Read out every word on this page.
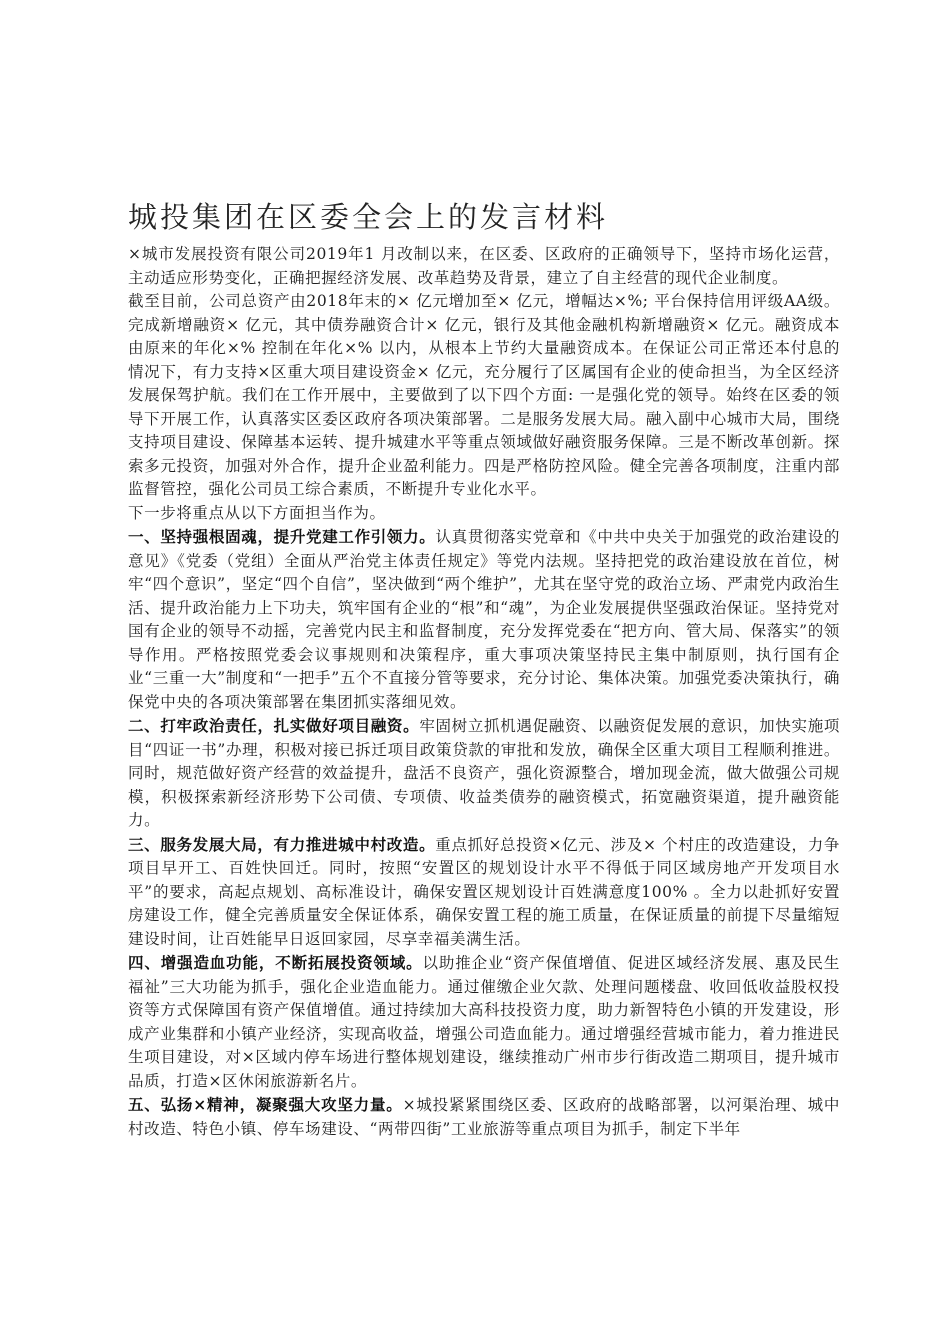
城投集团在区委全会上的发言材料

×城市发展投资有限公司2019年1 月改制以来，在区委、区政府的正确领导下，坚持市场化运营，主动适应形势变化，正确把握经济发展、改革趋势及背景，建立了自主经营的现代企业制度。

截至目前，公司总资产由2018年末的× 亿元增加至× 亿元，增幅达×%; 平台保持信用评级AA级。完成新增融资× 亿元，其中债券融资合计× 亿元，银行及其他金融机构新增融资× 亿元。融资成本由原来的年化×% 控制在年化×% 以内，从根本上节约大量融资成本。在保证公司正常还本付息的情况下，有力支持×区重大项目建设资金× 亿元，充分履行了区属国有企业的使命担当，为全区经济发展保驾护航。我们在工作开展中，主要做到了以下四个方面: 一是强化党的领导。始终在区委的领导下开展工作，认真落实区委区政府各项决策部署。二是服务发展大局。融入副中心城市大局，围绕支持项目建设、保障基本运转、提升城建水平等重点领域做好融资服务保障。三是不断改革创新。探索多元投资，加强对外合作，提升企业盈利能力。四是严格防控风险。健全完善各项制度，注重内部监督管控，强化公司员工综合素质，不断提升专业化水平。

下一步将重点从以下方面担当作为。

一、坚持强根固魂，提升党建工作引领力。认真贯彻落实党章和《中共中央关于加强党的政治建设的意见》《党委（党组）全面从严治党主体责任规定》等党内法规。坚持把党的政治建设放在首位，树牢“四个意识”，坚定“四个自信”，坚决做到“两个维护”，尤其在坚守党的政治立场、严肃党内政治生活、提升政治能力上下功夫，筑牢国有企业的“根”和“魂”，为企业发展提供坚强政治保证。坚持党对国有企业的领导不动摇，完善党内民主和监督制度，充分发挥党委在“把方向、管大局、保落实”的领导作用。严格按照党委会议事规则和决策程序，重大事项决策坚持民主集中制原则，执行国有企业“三重一大”制度和“一把手”五个不直接分管等要求，充分讨论、集体决策。加强党委决策执行，确保党中央的各项决策部署在集团抓实落细见效。

二、打牢政治责任，扎实做好项目融资。牢固树立抓机遇促融资、以融资促发展的意识，加快实施项目“四证一书”办理，积极对接已拆迁项目政策贷款的审批和发放，确保全区重大项目工程顺利推进。同时，规范做好资产经营的效益提升，盘活不良资产，强化资源整合，增加现金流，做大做强公司规模，积极探索新经济形势下公司债、专项债、收益类债券的融资模式，拓宽融资渠道，提升融资能力。

三、服务发展大局，有力推进城中村改造。重点抓好总投资×亿元、涉及× 个村庄的改造建设，力争项目早开工、百姓快回迁。同时，按照“安置区的规划设计水平不得低于同区域房地产开发项目水平”的要求，高起点规划、高标准设计，确保安置区规划设计百姓满意度100% 。全力以赴抓好安置房建设工作，健全完善质量安全保证体系，确保安置工程的施工质量，在保证质量的前提下尽量缩短建设时间，让百姓能早日返回家园，尽享幸福美满生活。

四、增强造血功能，不断拓展投资领域。以助推企业“资产保值增值、促进区域经济发展、惠及民生福祉”三大功能为抓手，强化企业造血能力。通过催缴企业欠款、处理问题楼盘、收回低收益股权投资等方式保障国有资产保值增值。通过持续加大高科技投资力度，助力新智特色小镇的开发建设，形成产业集群和小镇产业经济，实现高收益，增强公司造血能力。通过增强经营城市能力，着力推进民生项目建设，对×区域内停车场进行整体规划建设，继续推动广州市步行街改造二期项目，提升城市品质，打造×区休闲旅游新名片。

五、弘扬×精神，凝聚强大攻坚力量。×城投紧紧围绕区委、区政府的战略部署，以河渠治理、城中村改造、特色小镇、停车场建设、“两带四街”工业旅游等重点项目为抓手，制定下半年
